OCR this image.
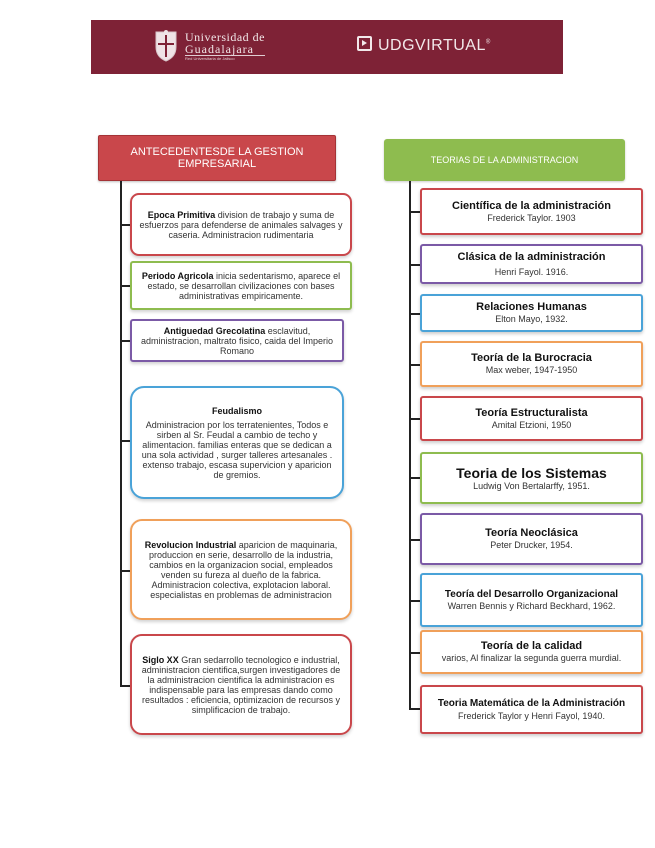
Universidad de
Guadalajara
Red Universitaria de Jalisco
UDGVIRTUAL®
ANTECEDENTESDE LA GESTION EMPRESARIAL	TEORIAS DE LA ADMINISTRACION
Epoca Primitiva division de trabajo y suma de esfuerzos para defenderse de animales salvages y caseria. Administracion rudimentaria
Periodo Agricola inicia sedentarismo, aparece el estado, se desarrollan civilizaciones con bases administrativas empiricamente.
Antiguedad Grecolatina esclavitud, administracion, maltrato fisico, caida del Imperio Romano
Feudalismo
Administracion por los terratenientes, Todos e sirben al Sr. Feudal a cambio de techo y alimentacion. familias enteras que se dedican a una sola actividad , surger talleres artesanales . extenso trabajo, escasa supervicion y aparicion de gremios.
Revolucion Industrial aparicion de maquinaria, produccion en serie, desarrollo de la industria, cambios en la organizacion social, empleados venden su fureza al dueño de la fabrica. Administracion colectiva, explotacion laboral. especialistas en problemas de administracion
Siglo XX Gran sedarrollo tecnologico e industrial, administracion cientifica,surgen investigadores de la administracion cientifica la administracion es indispensable para las empresas dando como resultados : eficiencia, optimizacion de recursos y simplificacion de trabajo.
Científica de la administración
Frederick Taylor. 1903
Clásica de la administración
Henri Fayol. 1916.
Relaciones Humanas
Elton Mayo, 1932.
Teoría de la Burocracia
Max weber, 1947-1950
Teoría Estructuralista
Amital Etzioni, 1950
Teoria de los Sistemas
Ludwig Von Bertalarffy, 1951.
Teoría Neoclásica
Peter Drucker, 1954.
Teoría del Desarrollo Organizacional
Warren Bennis y Richard Beckhard, 1962.
Teoría de la calidad
varios, Al finalizar la segunda guerra murdial.
Teoria Matemática de la Administración Frederick Taylor y Henri Fayol, 1940.
